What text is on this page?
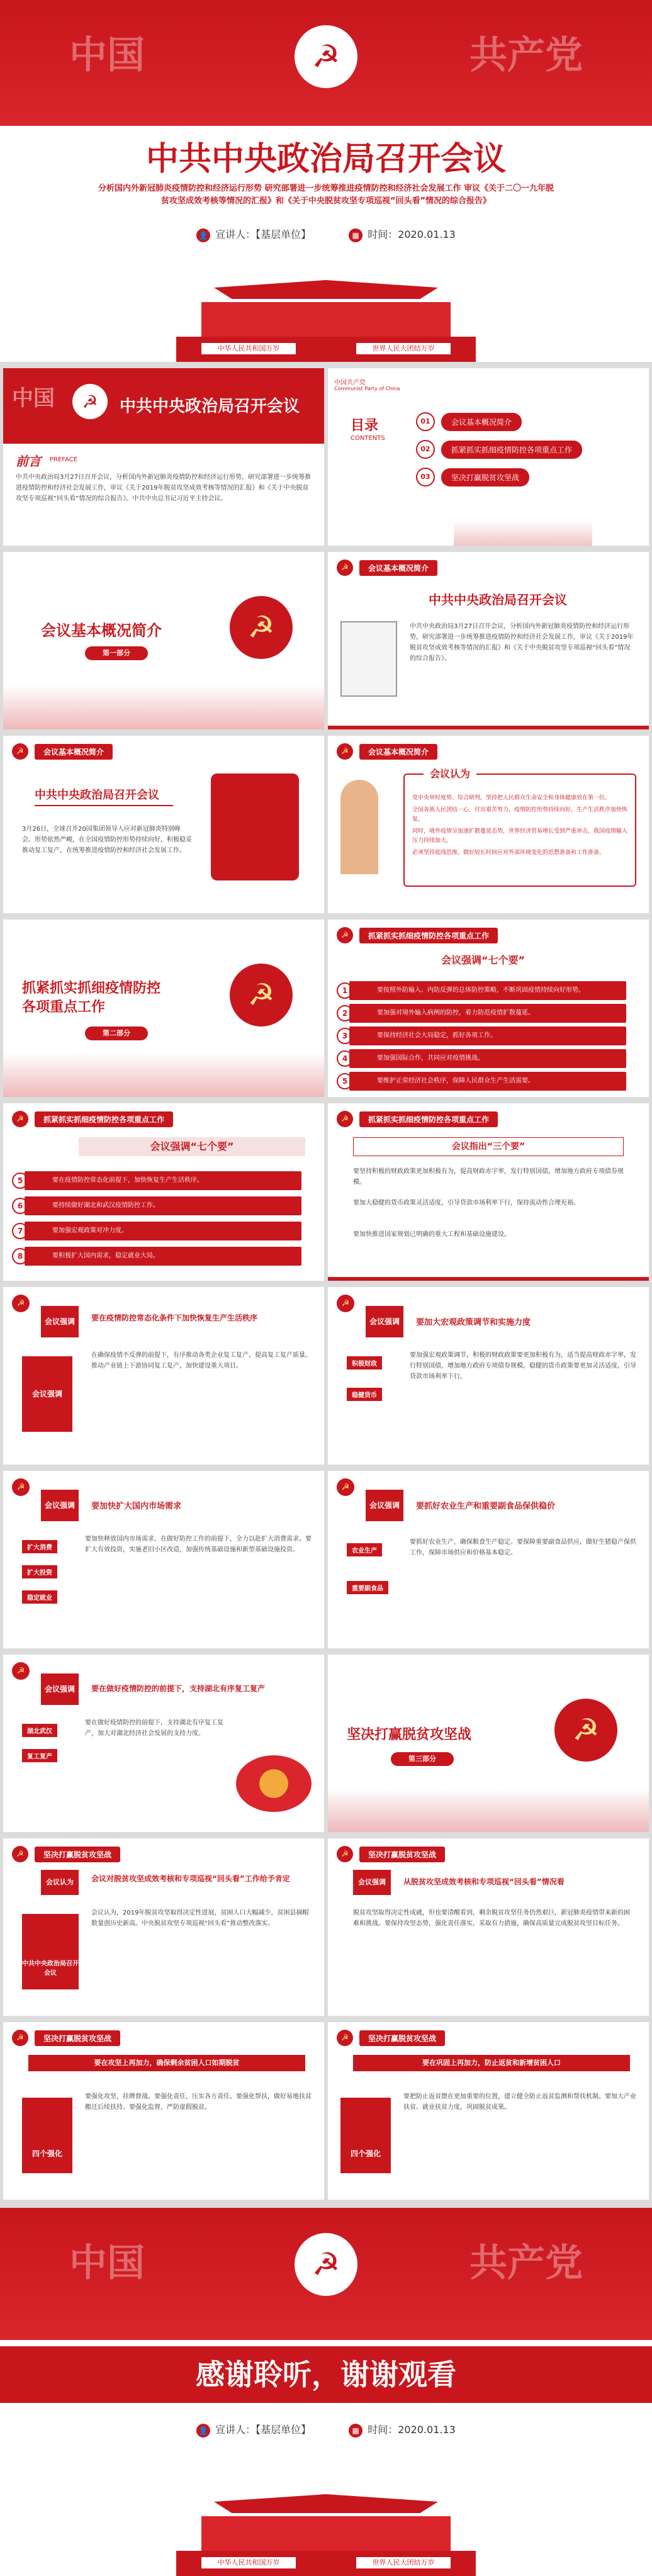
中国	共产党
☭
中共中央政治局召开会议
分析国内外新冠肺炎疫情防控和经济运行形势 研究部署进一步统筹推进疫情防控和经济社会发展工作 审议《关于二〇一九年脱贫攻坚成效考核等情况的汇报》和《关于中央脱贫攻坚专项巡视“回头看”情况的综合报告》
👤 宣讲人：【基层单位】	▦ 时间：2020.01.13
中华人民共和国万岁	世界人民大团结万岁
中国	☭	中共中央政治局召开会议
前言 PREFACE
中共中央政治局3月27日召开会议，分析国内外新冠肺炎疫情防控和经济运行形势，研究部署进一步统筹推进疫情防控和经济社会发展工作，审议《关于2019年脱贫攻坚成效考核等情况的汇报》和《关于中央脱贫攻坚专项巡视“回头看”情况的综合报告》。中共中央总书记习近平主持会议。
中国共产党
Communist Party of China
目录
CONTENTS
01	会议基本概况简介
02	抓紧抓实抓细疫情防控各项重点工作
03	坚决打赢脱贫攻坚战
会议基本概况简介
第一部分
☭
☭	会议基本概况简介
中共中央政治局召开会议
中共中央政治局3月27日召开会议，分析国内外新冠肺炎疫情防控和经济运行形势，研究部署进一步统筹推进疫情防控和经济社会发展工作，审议《关于2019年脱贫攻坚成效考核等情况的汇报》和《关于中央脱贫攻坚专项巡视“回头看”情况的综合报告》。
☭	会议基本概况简介
中共中央政治局召开会议
3月26日，全球召开20国集团领导人应对新冠肺炎特别峰会。形势依然严峻，在全国疫情防控形势持续向好，积极稳妥推动复工复产，在统筹推进疫情防控和经济社会发展工作。
☭	会议基本概况简介
会议认为
党中央审时度势、综合研判，坚持把人民群众生命安全和身体健康放在第一位。
全国各族人民团结一心，付出艰苦努力，疫情防控形势持续向好，生产生活秩序加快恢复。
同时，境外疫情呈加速扩散蔓延态势，世界经济贸易增长受到严重冲击，我国疫情输入压力持续加大。
必须坚持底线思维，做好较长时间应对外部环境变化的思想准备和工作准备。
抓紧抓实抓细疫情防控各项重点工作
第二部分
☭
☭	抓紧抓实抓细疫情防控各项重点工作
会议强调“七个要”
1	要按照外防输入、内防反弹的总体防控策略，不断巩固疫情持续向好形势。
2	要加强对境外输入病例的防控，着力防范疫情扩散蔓延。
3	要保持经济社会大局稳定，抓好各项工作。
4	要加强国际合作，共同应对疫情挑战。
5	要维护正常经济社会秩序，保障人民群众生产生活需要。
☭	抓紧抓实抓细疫情防控各项重点工作
会议强调“七个要”
5	要在疫情防控常态化前提下，加快恢复生产生活秩序。
6	要持续做好湖北和武汉疫情防控工作。
7	要加强宏观政策对冲力度。
8	要积极扩大国内需求，稳定就业大局。
☭	抓紧抓实抓细疫情防控各项重点工作
会议指出“三个要”
要坚持积极的财政政策更加积极有为，提高财政赤字率，发行特别国债，增加地方政府专项债券规模。
要加大稳健的货币政策灵活适度，引导贷款市场利率下行，保持流动性合理充裕。
要加快推进国家规划已明确的重大工程和基础设施建设。
☭
会议强调	要在疫情防控常态化条件下加快恢复生产生活秩序
会议强调
在确保疫情不反弹的前提下，有序推动各类企业复工复产，提高复工复产质量。推动产业链上下游协同复工复产，加快建设重大项目。
☭
会议强调	要加大宏观政策调节和实施力度
积极财政
稳健货币
要加强宏观政策调节，积极的财政政策要更加积极有为，适当提高财政赤字率，发行特别国债，增加地方政府专项债券规模。稳健的货币政策要更加灵活适度，引导贷款市场利率下行。
☭
会议强调	要加快扩大国内市场需求
扩大消费
扩大投资
稳定就业
要加快释放国内市场需求，在做好防控工作的前提下，全力以赴扩大消费需求。要扩大有效投资，实施老旧小区改造，加强传统基础设施和新型基础设施投资。
☭
会议强调	要抓好农业生产和重要副食品保供稳价
农业生产
重要副食品
要抓好农业生产，确保粮食生产稳定。要保障重要副食品供应，做好生猪稳产保供工作，保障市场供应和价格基本稳定。
☭
会议强调	要在做好疫情防控的前提下，支持湖北有序复工复产
湖北武汉
复工复产
要在做好疫情防控的前提下，支持湖北有序复工复产，加大对湖北经济社会发展的支持力度。	坚决打赢脱贫攻坚战
第三部分
☭
☭	坚决打赢脱贫攻坚战
会议认为	会议对脱贫攻坚成效考核和专项巡视“回头看”工作给予肯定
中共中央政治局召开会议
会议认为，2019年脱贫攻坚取得决定性进展，贫困人口大幅减少，贫困县摘帽数量创历史新高。中央脱贫攻坚专项巡视“回头看”推动整改落实。
☭	坚决打赢脱贫攻坚战
会议强调	从脱贫攻坚成效考核和专项巡视“回头看”情况看
脱贫攻坚取得决定性成就，但也要清醒看到，剩余脱贫攻坚任务仍然艰巨，新冠肺炎疫情带来新的困难和挑战。要保持攻坚态势，强化责任落实，采取有力措施，确保高质量完成脱贫攻坚目标任务。
☭	坚决打赢脱贫攻坚战
要在攻坚上再加力，确保剩余贫困人口如期脱贫
四个强化
要强化攻坚，挂牌督战。要强化责任，压实各方责任。要强化帮扶，做好易地扶贫搬迁后续扶持。要强化监督，严防虚假脱贫。
☭	坚决打赢脱贫攻坚战
要在巩固上再加力，防止返贫和新增贫困人口
四个强化
要把防止返贫摆在更加重要的位置，建立健全防止返贫监测和帮扶机制。要加大产业扶贫、就业扶贫力度，巩固脱贫成果。
中国	共产党
☭
感谢聆听，谢谢观看
👤 宣讲人：【基层单位】	▦ 时间：2020.01.13
中华人民共和国万岁	世界人民大团结万岁
